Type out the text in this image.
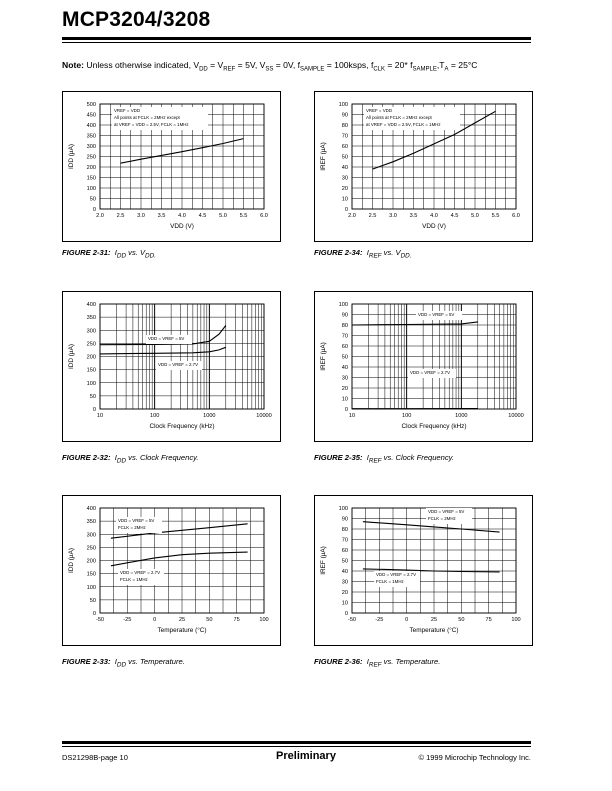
MCP3204/3208
Note: Unless otherwise indicated, $V_{DD} = V_{REF} = 5V$, $V_{SS} = 0V$, $f_{SAMPLE}$ = 100ksps, $f_{CLK} = 20*$ $f_{SAMPLE},T_A = 25^\circ C$
0
50
100
150
200
250
300
350
400
450
500
2.0 2.5 3.0 3.5 4.0 4.5 5.0 5.5 6.0
VDD (V)
IDD (µA)
VREF = VDD
All points at FCLK = 2MHz except
at VREF = VDD = 2.5V, FCLK = 1MHz
FIGURE 2-31: $I_{DD}$ vs. $V_{DD.}$
0
10
20
30
40
50
60
70
80
90
100
2.0 2.5 3.0 3.5 4.0 4.5 5.0 5.5 6.0
VDD (V)
IREF (µA)
VREF = VDD
All points at FCLK = 2MHz except
at VREF = VDD = 2.5V, FCLK = 1MHz
FIGURE 2-34: $I_{REF}$ vs. $V_{DD.}$
0
50
100
150
200
250
300
350
400
10	100	1000	10000
Clock Frequency (kHz)
IDD (µA)
VDD = VREF = 5V
VDD = VREF = 2.7V
FIGURE 2-32: $I_{DD}$ vs. Clock Frequency.
0
10
20
30
40
50
60
70
80
90
100
10	100	1000	10000
Clock Frequency (kHz)
IREF (µA)
VDD = VREF = 5V
VDD = VREF = 2.7V
FIGURE 2-35: $I_{REF}$ vs. Clock Frequency.
0
50
100
150
200
250
300
350
400
-50	-25	0	25	50	75	100
Temperature (°C)
IDD (µA)
VDD = VREF = 5V
FCLK = 2MHz
VDD = VREF = 2.7V
FCLK = 1MHz
FIGURE 2-33: $I_{DD}$ vs. Temperature.
0
10
20
30
40
50
60
70
80
90
100
-50	-25	0	25	50	75	100
Temperature (°C)
IREF (µA)
VDD = VREF = 5V
FCLK = 2MHz
VDD = VREF = 2.7V
FCLK = 1MHz
FIGURE 2-36: $I_{REF}$ vs. Temperature.
DS21298B-page 10	Preliminary	© 1999 Microchip Technology Inc.
